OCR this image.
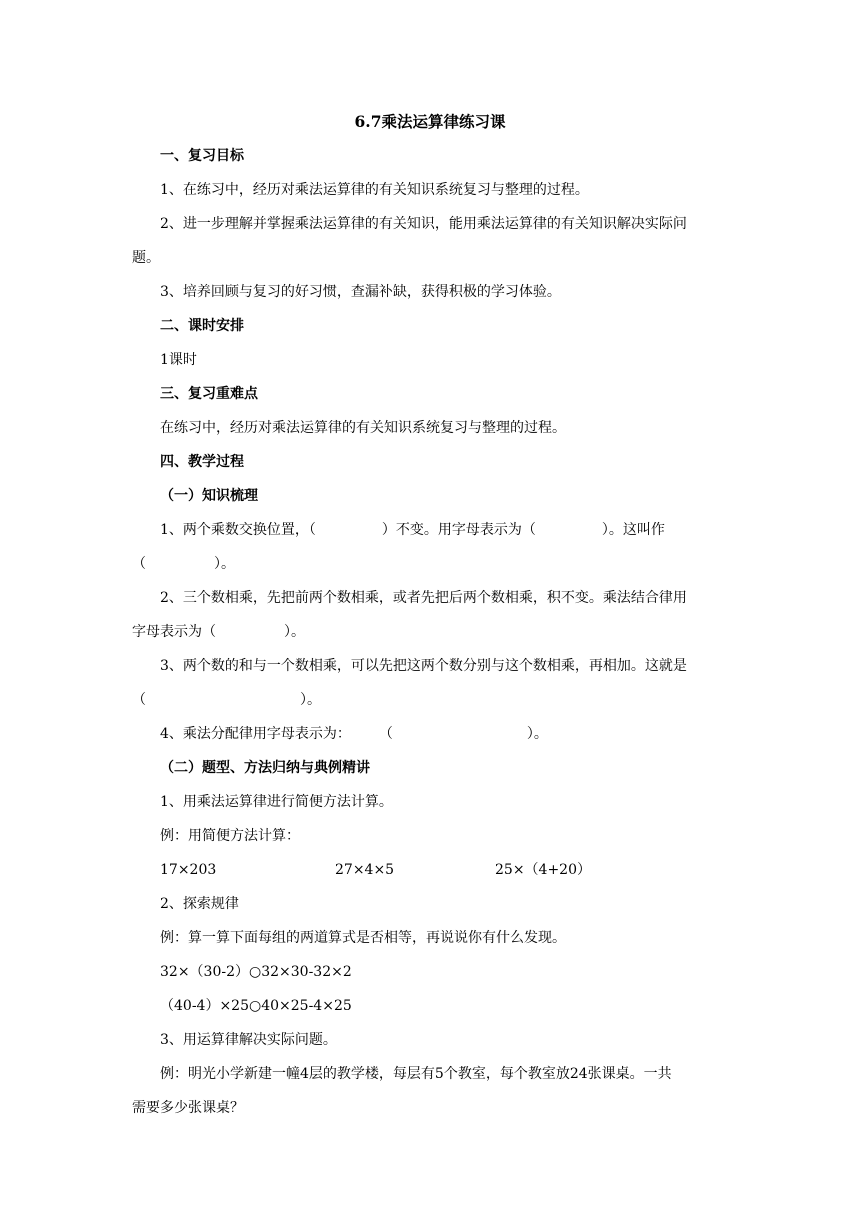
6.7乘法运算律练习课
一、复习目标
1、在练习中，经历对乘法运算律的有关知识系统复习与整理的过程。
2、进一步理解并掌握乘法运算律的有关知识，能用乘法运算律的有关知识解决实际问
题。
3、培养回顾与复习的好习惯，查漏补缺，获得积极的学习体验。
二、课时安排
1课时
三、复习重难点
在练习中，经历对乘法运算律的有关知识系统复习与整理的过程。
四、教学过程
（一）知识梳理
1、两个乘数交换位置，（	）不变。用字母表示为（	）。这叫作
（	）。
2、三个数相乘，先把前两个数相乘，或者先把后两个数相乘，积不变。乘法结合律用
字母表示为（	）。
3、两个数的和与一个数相乘，可以先把这两个数分别与这个数相乘，再相加。这就是
（	）。
4、乘法分配律用字母表示为： （	）。
（二）题型、方法归纳与典例精讲
1、用乘法运算律进行简便方法计算。
例：用简便方法计算：
17×203	27×4×5	25×（4+20）
2、探索规律
例：算一算下面每组的两道算式是否相等，再说说你有什么发现。
32×（30-2）○32×30-32×2
（40-4）×25○40×25-4×25
3、用运算律解决实际问题。
例：明光小学新建一幢4层的教学楼，每层有5个教室，每个教室放24张课桌。一共
需要多少张课桌？
